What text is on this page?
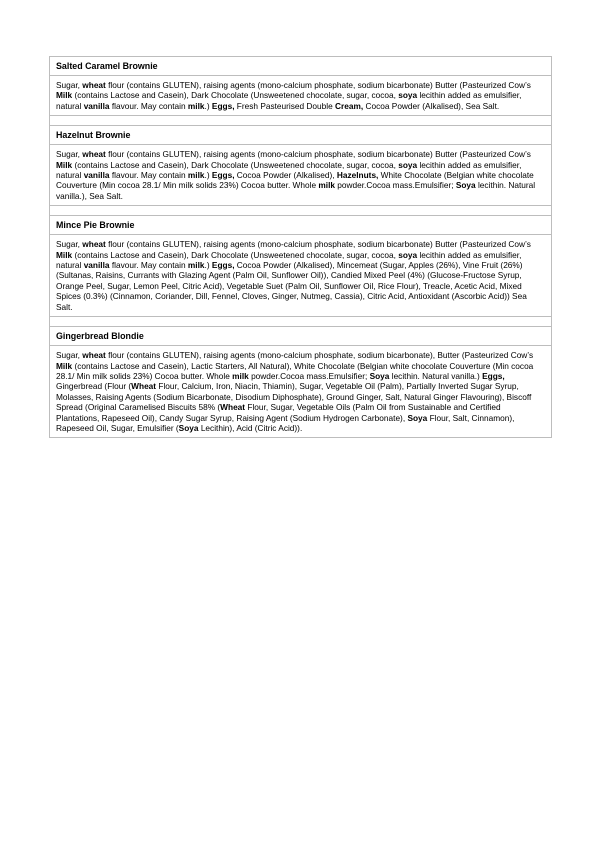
Salted Caramel Brownie
Sugar, wheat flour (contains GLUTEN), raising agents (mono-calcium phosphate, sodium bicarbonate) Butter (Pasteurized Cow’s Milk (contains Lactose and Casein), Dark Chocolate (Unsweetened chocolate, sugar, cocoa, soya lecithin added as emulsifier, natural vanilla flavour. May contain milk.) Eggs, Fresh Pasteurised Double Cream, Cocoa Powder (Alkalised), Sea Salt.

Hazelnut Brownie
Sugar, wheat flour (contains GLUTEN), raising agents (mono-calcium phosphate, sodium bicarbonate) Butter (Pasteurized Cow’s Milk (contains Lactose and Casein), Dark Chocolate (Unsweetened chocolate, sugar, cocoa, soya lecithin added as emulsifier, natural vanilla flavour. May contain milk.) Eggs, Cocoa Powder (Alkalised), Hazelnuts, White Chocolate (Belgian white chocolate Couverture (Min cocoa 28.1/ Min milk solids 23%) Cocoa butter. Whole milk powder.Cocoa mass.Emulsifier; Soya lecithin. Natural vanilla.), Sea Salt.

Mince Pie Brownie
Sugar, wheat flour (contains GLUTEN), raising agents (mono-calcium phosphate, sodium bicarbonate) Butter (Pasteurized Cow’s Milk (contains Lactose and Casein), Dark Chocolate (Unsweetened chocolate, sugar, cocoa, soya lecithin added as emulsifier, natural vanilla flavour. May contain milk.) Eggs, Cocoa Powder (Alkalised), Mincemeat (Sugar, Apples (26%), Vine Fruit (26%) (Sultanas, Raisins, Currants with Glazing Agent (Palm Oil, Sunflower Oil)), Candied Mixed Peel (4%) (Glucose-Fructose Syrup, Orange Peel, Sugar, Lemon Peel, Citric Acid), Vegetable Suet (Palm Oil, Sunflower Oil, Rice Flour), Treacle, Acetic Acid, Mixed Spices (0.3%) (Cinnamon, Coriander, Dill, Fennel, Cloves, Ginger, Nutmeg, Cassia), Citric Acid, Antioxidant (Ascorbic Acid)) Sea Salt.

Gingerbread Blondie
Sugar, wheat flour (contains GLUTEN), raising agents (mono-calcium phosphate, sodium bicarbonate), Butter (Pasteurized Cow’s Milk (contains Lactose and Casein), Lactic Starters, All Natural), White Chocolate (Belgian white chocolate Couverture (Min cocoa 28.1/ Min milk solids 23%) Cocoa butter. Whole milk powder.Cocoa mass.Emulsifier; Soya lecithin. Natural vanilla.) Eggs, Gingerbread (Flour (Wheat Flour, Calcium, Iron, Niacin, Thiamin), Sugar, Vegetable Oil (Palm), Partially Inverted Sugar Syrup, Molasses, Raising Agents (Sodium Bicarbonate, Disodium Diphosphate), Ground Ginger, Salt, Natural Ginger Flavouring), Biscoff Spread (Original Caramelised Biscuits 58% (Wheat Flour, Sugar, Vegetable Oils (Palm Oil from Sustainable and Certified Plantations, Rapeseed Oil), Candy Sugar Syrup, Raising Agent (Sodium Hydrogen Carbonate), Soya Flour, Salt, Cinnamon), Rapeseed Oil, Sugar, Emulsifier (Soya Lecithin), Acid (Citric Acid)).
